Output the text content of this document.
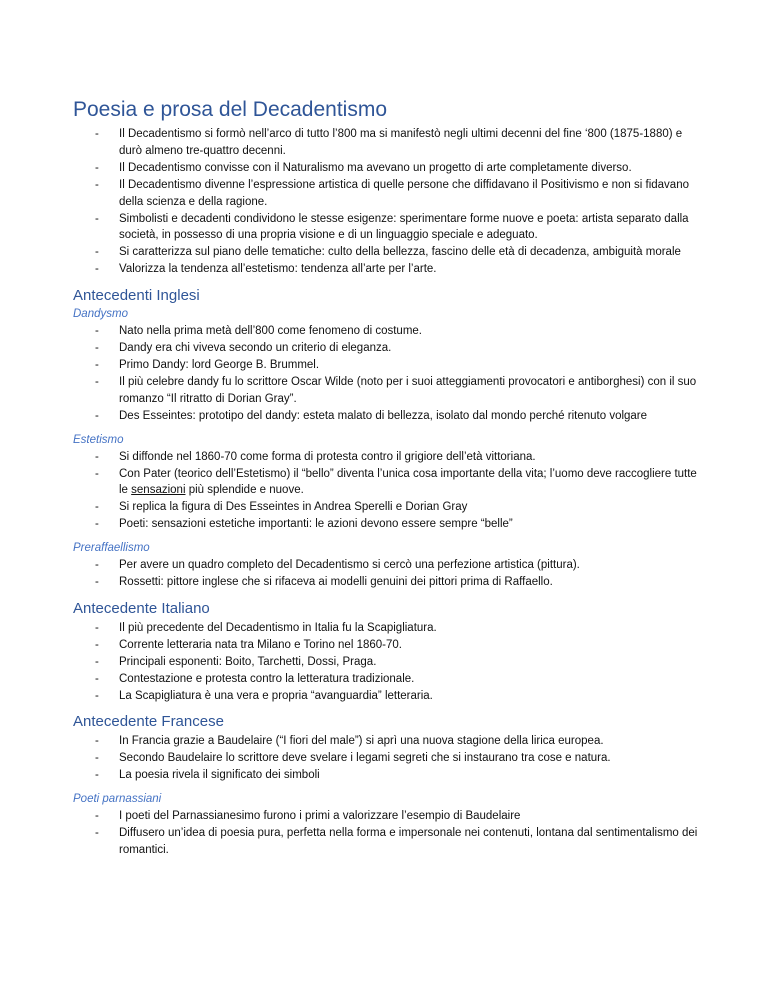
Poesia e prosa del Decadentismo
- Il Decadentismo si formò nell’arco di tutto l’800 ma si manifestò negli ultimi decenni del fine ‘800 (1875-1880) e durò almeno tre-quattro decenni.
- Il Decadentismo convisse con il Naturalismo ma avevano un progetto di arte completamente diverso.
- Il Decadentismo divenne l’espressione artistica di quelle persone che diffidavano il Positivismo e non si fidavano della scienza e della ragione.
- Simbolisti e decadenti condividono le stesse esigenze: sperimentare forme nuove e poeta: artista separato dalla società, in possesso di una propria visione e di un linguaggio speciale e adeguato.
- Si caratterizza sul piano delle tematiche: culto della bellezza, fascino delle età di decadenza, ambiguità morale
- Valorizza la tendenza all’estetismo: tendenza all’arte per l’arte.
Antecedenti Inglesi
Dandysmo
- Nato nella prima metà dell’800 come fenomeno di costume.
- Dandy era chi viveva secondo un criterio di eleganza.
- Primo Dandy: lord George B. Brummel.
- Il più celebre dandy fu lo scrittore Oscar Wilde (noto per i suoi atteggiamenti provocatori e antiborghesi) con il suo romanzo “Il ritratto di Dorian Gray”.
- Des Esseintes: prototipo del dandy: esteta malato di bellezza, isolato dal mondo perché ritenuto volgare
Estetismo
- Si diffonde nel 1860-70 come forma di protesta contro il grigiore dell’età vittoriana.
- Con Pater (teorico dell’Estetismo) il “bello” diventa l’unica cosa importante della vita; l’uomo deve raccogliere tutte le sensazioni più splendide e nuove.
- Si replica la figura di Des Esseintes in Andrea Sperelli e Dorian Gray
- Poeti: sensazioni estetiche importanti: le azioni devono essere sempre “belle”
Preraffaellismo
- Per avere un quadro completo del Decadentismo si cercò una perfezione artistica (pittura).
- Rossetti: pittore inglese che si rifaceva ai modelli genuini dei pittori prima di Raffaello.
Antecedente Italiano
- Il più precedente del Decadentismo in Italia fu la Scapigliatura.
- Corrente letteraria nata tra Milano e Torino nel 1860-70.
- Principali esponenti: Boito, Tarchetti, Dossi, Praga.
- Contestazione e protesta contro la letteratura tradizionale.
- La Scapigliatura è una vera e propria “avanguardia” letteraria.
Antecedente Francese
- In Francia grazie a Baudelaire (“I fiori del male”) si aprì una nuova stagione della lirica europea.
- Secondo Baudelaire lo scrittore deve svelare i legami segreti che si instaurano tra cose e natura.
- La poesia rivela il significato dei simboli
Poeti parnassiani
- I poeti del Parnassianesimo furono i primi a valorizzare l’esempio di Baudelaire
- Diffusero un’idea di poesia pura, perfetta nella forma e impersonale nei contenuti, lontana dal sentimentalismo dei romantici.
